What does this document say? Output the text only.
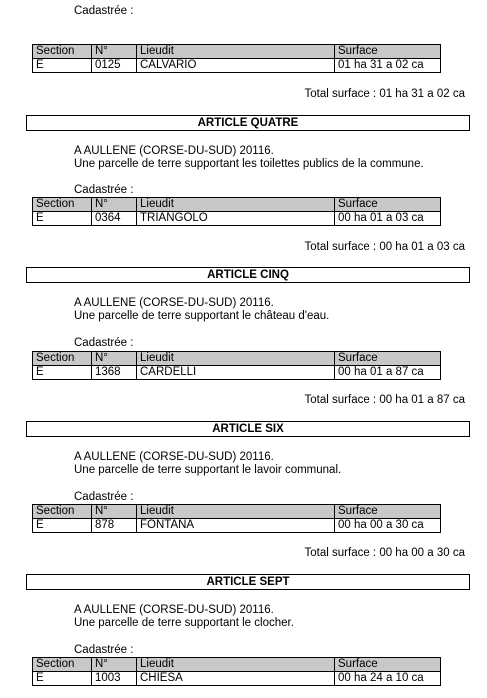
Cadastrée :
Section	N°	Lieudit	Surface
E	0125	CALVARIO	01 ha 31 a 02 ca
Total surface : 01 ha 31 a 02 ca
ARTICLE QUATRE
A AULLENE (CORSE-DU-SUD) 20116.
Une parcelle de terre supportant les toilettes publics de la commune.
Cadastrée :
Section	N°	Lieudit	Surface
E	0364	TRIANGOLO	00 ha 01 a 03 ca
Total surface : 00 ha 01 a 03 ca
ARTICLE CINQ
A AULLENE (CORSE-DU-SUD) 20116.
Une parcelle de terre supportant le château d'eau.
Cadastrée :
Section	N°	Lieudit	Surface
E	1368	CARDELLI	00 ha 01 a 87 ca
Total surface : 00 ha 01 a 87 ca
ARTICLE SIX
A AULLENE (CORSE-DU-SUD) 20116.
Une parcelle de terre supportant le lavoir communal.
Cadastrée :
Section	N°	Lieudit	Surface
E	878	FONTANA	00 ha 00 a 30 ca
Total surface : 00 ha 00 a 30 ca
ARTICLE SEPT
A AULLENE (CORSE-DU-SUD) 20116.
Une parcelle de terre supportant le clocher.
Cadastrée :
Section	N°	Lieudit	Surface
E	1003	CHIESA	00 ha 24 a 10 ca
